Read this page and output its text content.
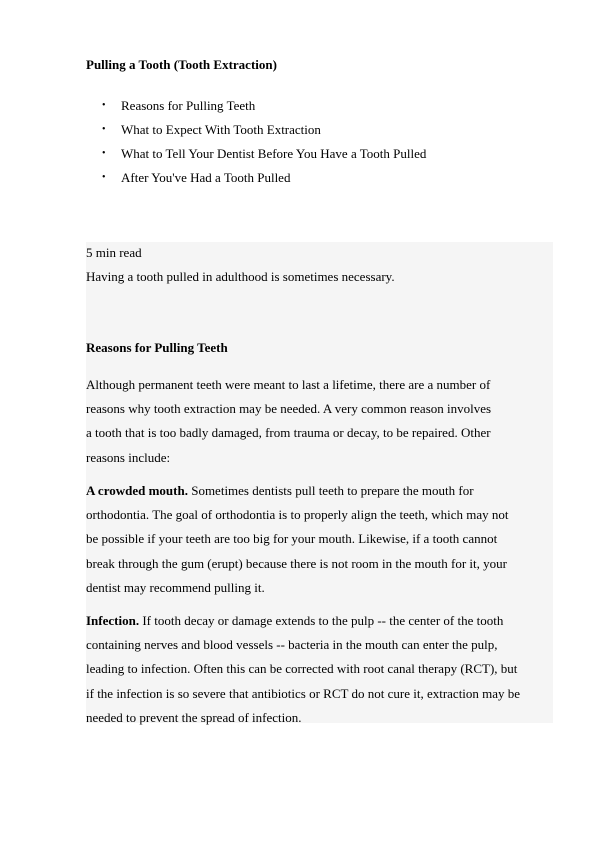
Pulling a Tooth (Tooth Extraction)
• Reasons for Pulling Teeth
• What to Expect With Tooth Extraction
• What to Tell Your Dentist Before You Have a Tooth Pulled
• After You've Had a Tooth Pulled

5 min read

Having a tooth pulled in adulthood is sometimes necessary.

Reasons for Pulling Teeth

Although permanent teeth were meant to last a lifetime, there are a number of
reasons why tooth extraction may be needed. A very common reason involves
a tooth that is too badly damaged, from trauma or decay, to be repaired. Other
reasons include:

A crowded mouth. Sometimes dentists pull teeth to prepare the mouth for
orthodontia. The goal of orthodontia is to properly align the teeth, which may not
be possible if your teeth are too big for your mouth. Likewise, if a tooth cannot
break through the gum (erupt) because there is not room in the mouth for it, your
dentist may recommend pulling it.

Infection. If tooth decay or damage extends to the pulp -- the center of the tooth
containing nerves and blood vessels -- bacteria in the mouth can enter the pulp,
leading to infection. Often this can be corrected with root canal therapy (RCT), but
if the infection is so severe that antibiotics or RCT do not cure it, extraction may be
needed to prevent the spread of infection.
